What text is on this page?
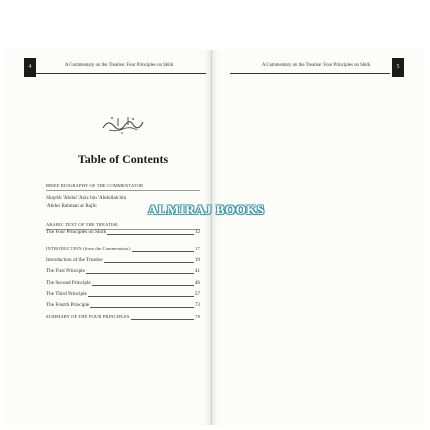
4	A Commentary on the Treatise: Four Principles on Shirk	5
A Commentary on the Treatise: Four Principles on Shirk
Table of Contents
BRIEF BIOGRAPHY OF THE COMMENTATOR
Shaykh 'Abdul 'Aziz bin 'Abdullah bin
'Abdur Rahman ar Rajhi
ARABIC TEXT OF THE TREATISE
The Four Principles on Shirk	12
INTRODUCTION (from the Commentator)	17
Introduction of the Treatise	19
The First Principle	41
The Second Principle	46
The Third Principle	57
The Fourth Principle	73
SUMMARY OF THE FOUR PRINCIPLES	78
ALMIRAJ BOOKS
